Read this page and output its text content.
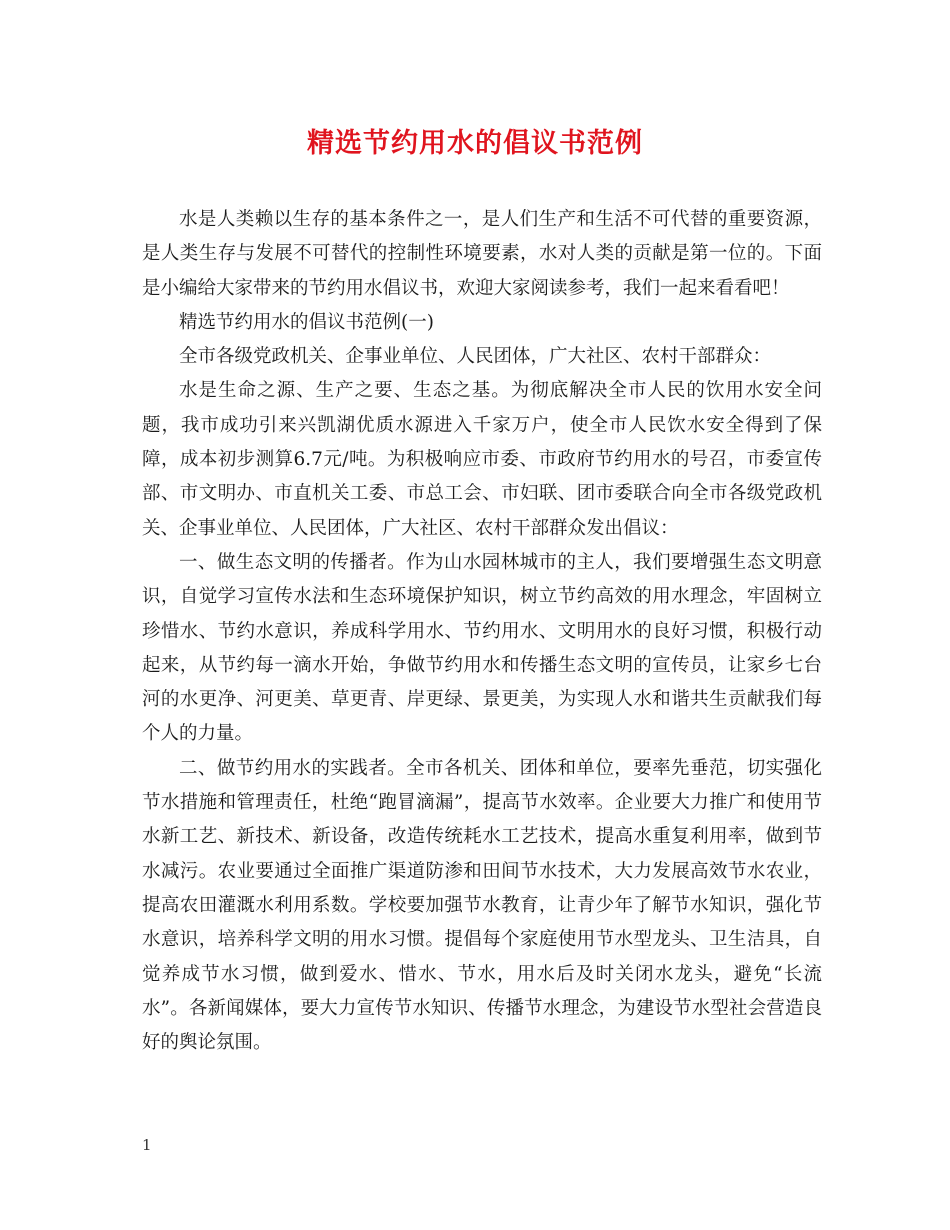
精选节约用水的倡议书范例

水是人类赖以生存的基本条件之一，是人们生产和生活不可代替的重要资源，是人类生存与发展不可替代的控制性环境要素，水对人类的贡献是第一位的。下面是小编给大家带来的节约用水倡议书，欢迎大家阅读参考，我们一起来看看吧！

精选节约用水的倡议书范例(一)

全市各级党政机关、企事业单位、人民团体，广大社区、农村干部群众：

水是生命之源、生产之要、生态之基。为彻底解决全市人民的饮用水安全问题，我市成功引来兴凯湖优质水源进入千家万户，使全市人民饮水安全得到了保障，成本初步测算6.7元/吨。为积极响应市委、市政府节约用水的号召，市委宣传部、市文明办、市直机关工委、市总工会、市妇联、团市委联合向全市各级党政机关、企事业单位、人民团体，广大社区、农村干部群众发出倡议：

一、做生态文明的传播者。作为山水园林城市的主人，我们要增强生态文明意识，自觉学习宣传水法和生态环境保护知识，树立节约高效的用水理念，牢固树立珍惜水、节约水意识，养成科学用水、节约用水、文明用水的良好习惯，积极行动起来，从节约每一滴水开始，争做节约用水和传播生态文明的宣传员，让家乡七台河的水更净、河更美、草更青、岸更绿、景更美，为实现人水和谐共生贡献我们每个人的力量。

二、做节约用水的实践者。全市各机关、团体和单位，要率先垂范，切实强化节水措施和管理责任，杜绝“跑冒滴漏”，提高节水效率。企业要大力推广和使用节水新工艺、新技术、新设备，改造传统耗水工艺技术，提高水重复利用率，做到节水减污。农业要通过全面推广渠道防渗和田间节水技术，大力发展高效节水农业，提高农田灌溉水利用系数。学校要加强节水教育，让青少年了解节水知识，强化节水意识，培养科学文明的用水习惯。提倡每个家庭使用节水型龙头、卫生洁具，自觉养成节水习惯，做到爱水、惜水、节水，用水后及时关闭水龙头，避免“长流水”。各新闻媒体，要大力宣传节水知识、传播节水理念，为建设节水型社会营造良好的舆论氛围。

1
